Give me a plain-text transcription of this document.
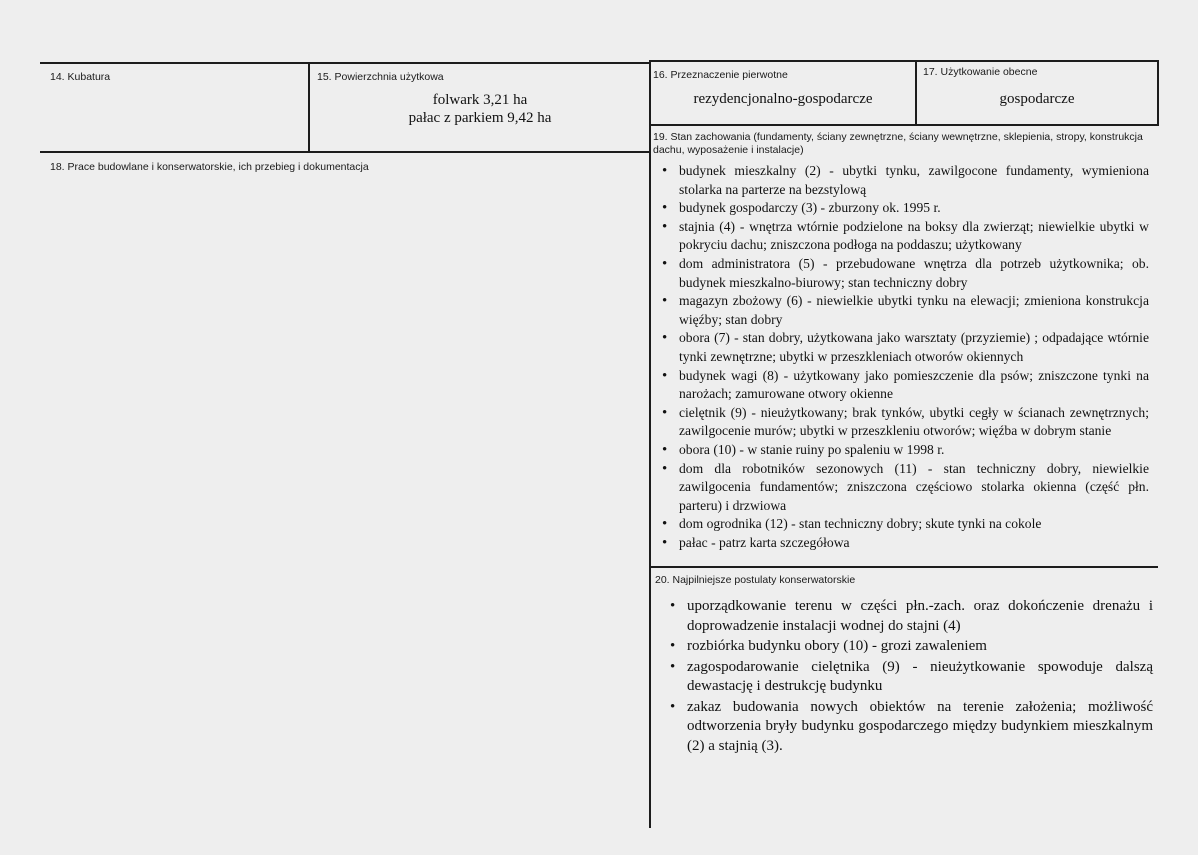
14. Kubatura	15. Powierzchnia użytkowa

folwark 3,21 ha
pałac z parkiem 9,42 ha

16. Przeznaczenie pierwotne

rezydencjonalno-gospodarcze

17. Użytkowanie obecne

gospodarcze

18. Prace budowlane i konserwatorskie, ich przebieg i dokumentacja

19. Stan zachowania (fundamenty, ściany zewnętrzne, ściany wewnętrzne, sklepienia, stropy, konstrukcja
dachu, wyposażenie i instalacje)

• budynek mieszkalny (2) - ubytki tynku, zawilgocone fundamenty, wymieniona stolarka na parterze na bezstylową
• budynek gospodarczy (3) - zburzony ok. 1995 r.
• stajnia (4) - wnętrza wtórnie podzielone na boksy dla zwierząt; niewielkie ubytki w pokryciu dachu; zniszczona podłoga na poddaszu; użytkowany
• dom administratora (5) - przebudowane wnętrza dla potrzeb użytkownika; ob. budynek mieszkalno-biurowy; stan techniczny dobry
• magazyn zbożowy (6) - niewielkie ubytki tynku na elewacji; zmieniona konstrukcja więźby; stan dobry
• obora (7) - stan dobry, użytkowana jako warsztaty (przyziemie) ; odpadające wtórnie tynki zewnętrzne; ubytki w przeszkleniach otworów okiennych
• budynek wagi (8) - użytkowany jako pomieszczenie dla psów; zniszczone tynki na narożach; zamurowane otwory okienne
• cielętnik (9) - nieużytkowany; brak tynków, ubytki cegły w ścianach zewnętrznych; zawilgocenie murów; ubytki w przeszkleniu otworów; więźba w dobrym stanie
• obora (10) - w stanie ruiny po spaleniu w 1998 r.
• dom dla robotników sezonowych (11) - stan techniczny dobry, niewielkie zawilgocenia fundamentów; zniszczona częściowo stolarka okienna (część płn. parteru) i drzwiowa
• dom ogrodnika (12) - stan techniczny dobry; skute tynki na cokole
• pałac - patrz karta szczegółowa

20. Najpilniejsze postulaty konserwatorskie

• uporządkowanie terenu w części płn.-zach. oraz dokończenie drenażu i doprowadzenie instalacji wodnej do stajni (4)
• rozbiórka budynku obory (10) - grozi zawaleniem
• zagospodarowanie cielętnika (9) - nieużytkowanie spowoduje dalszą dewastację i destrukcję budynku
• zakaz budowania nowych obiektów na terenie założenia; możliwość odtworzenia bryły budynku gospodarczego między budynkiem mieszkalnym (2) a stajnią (3).
